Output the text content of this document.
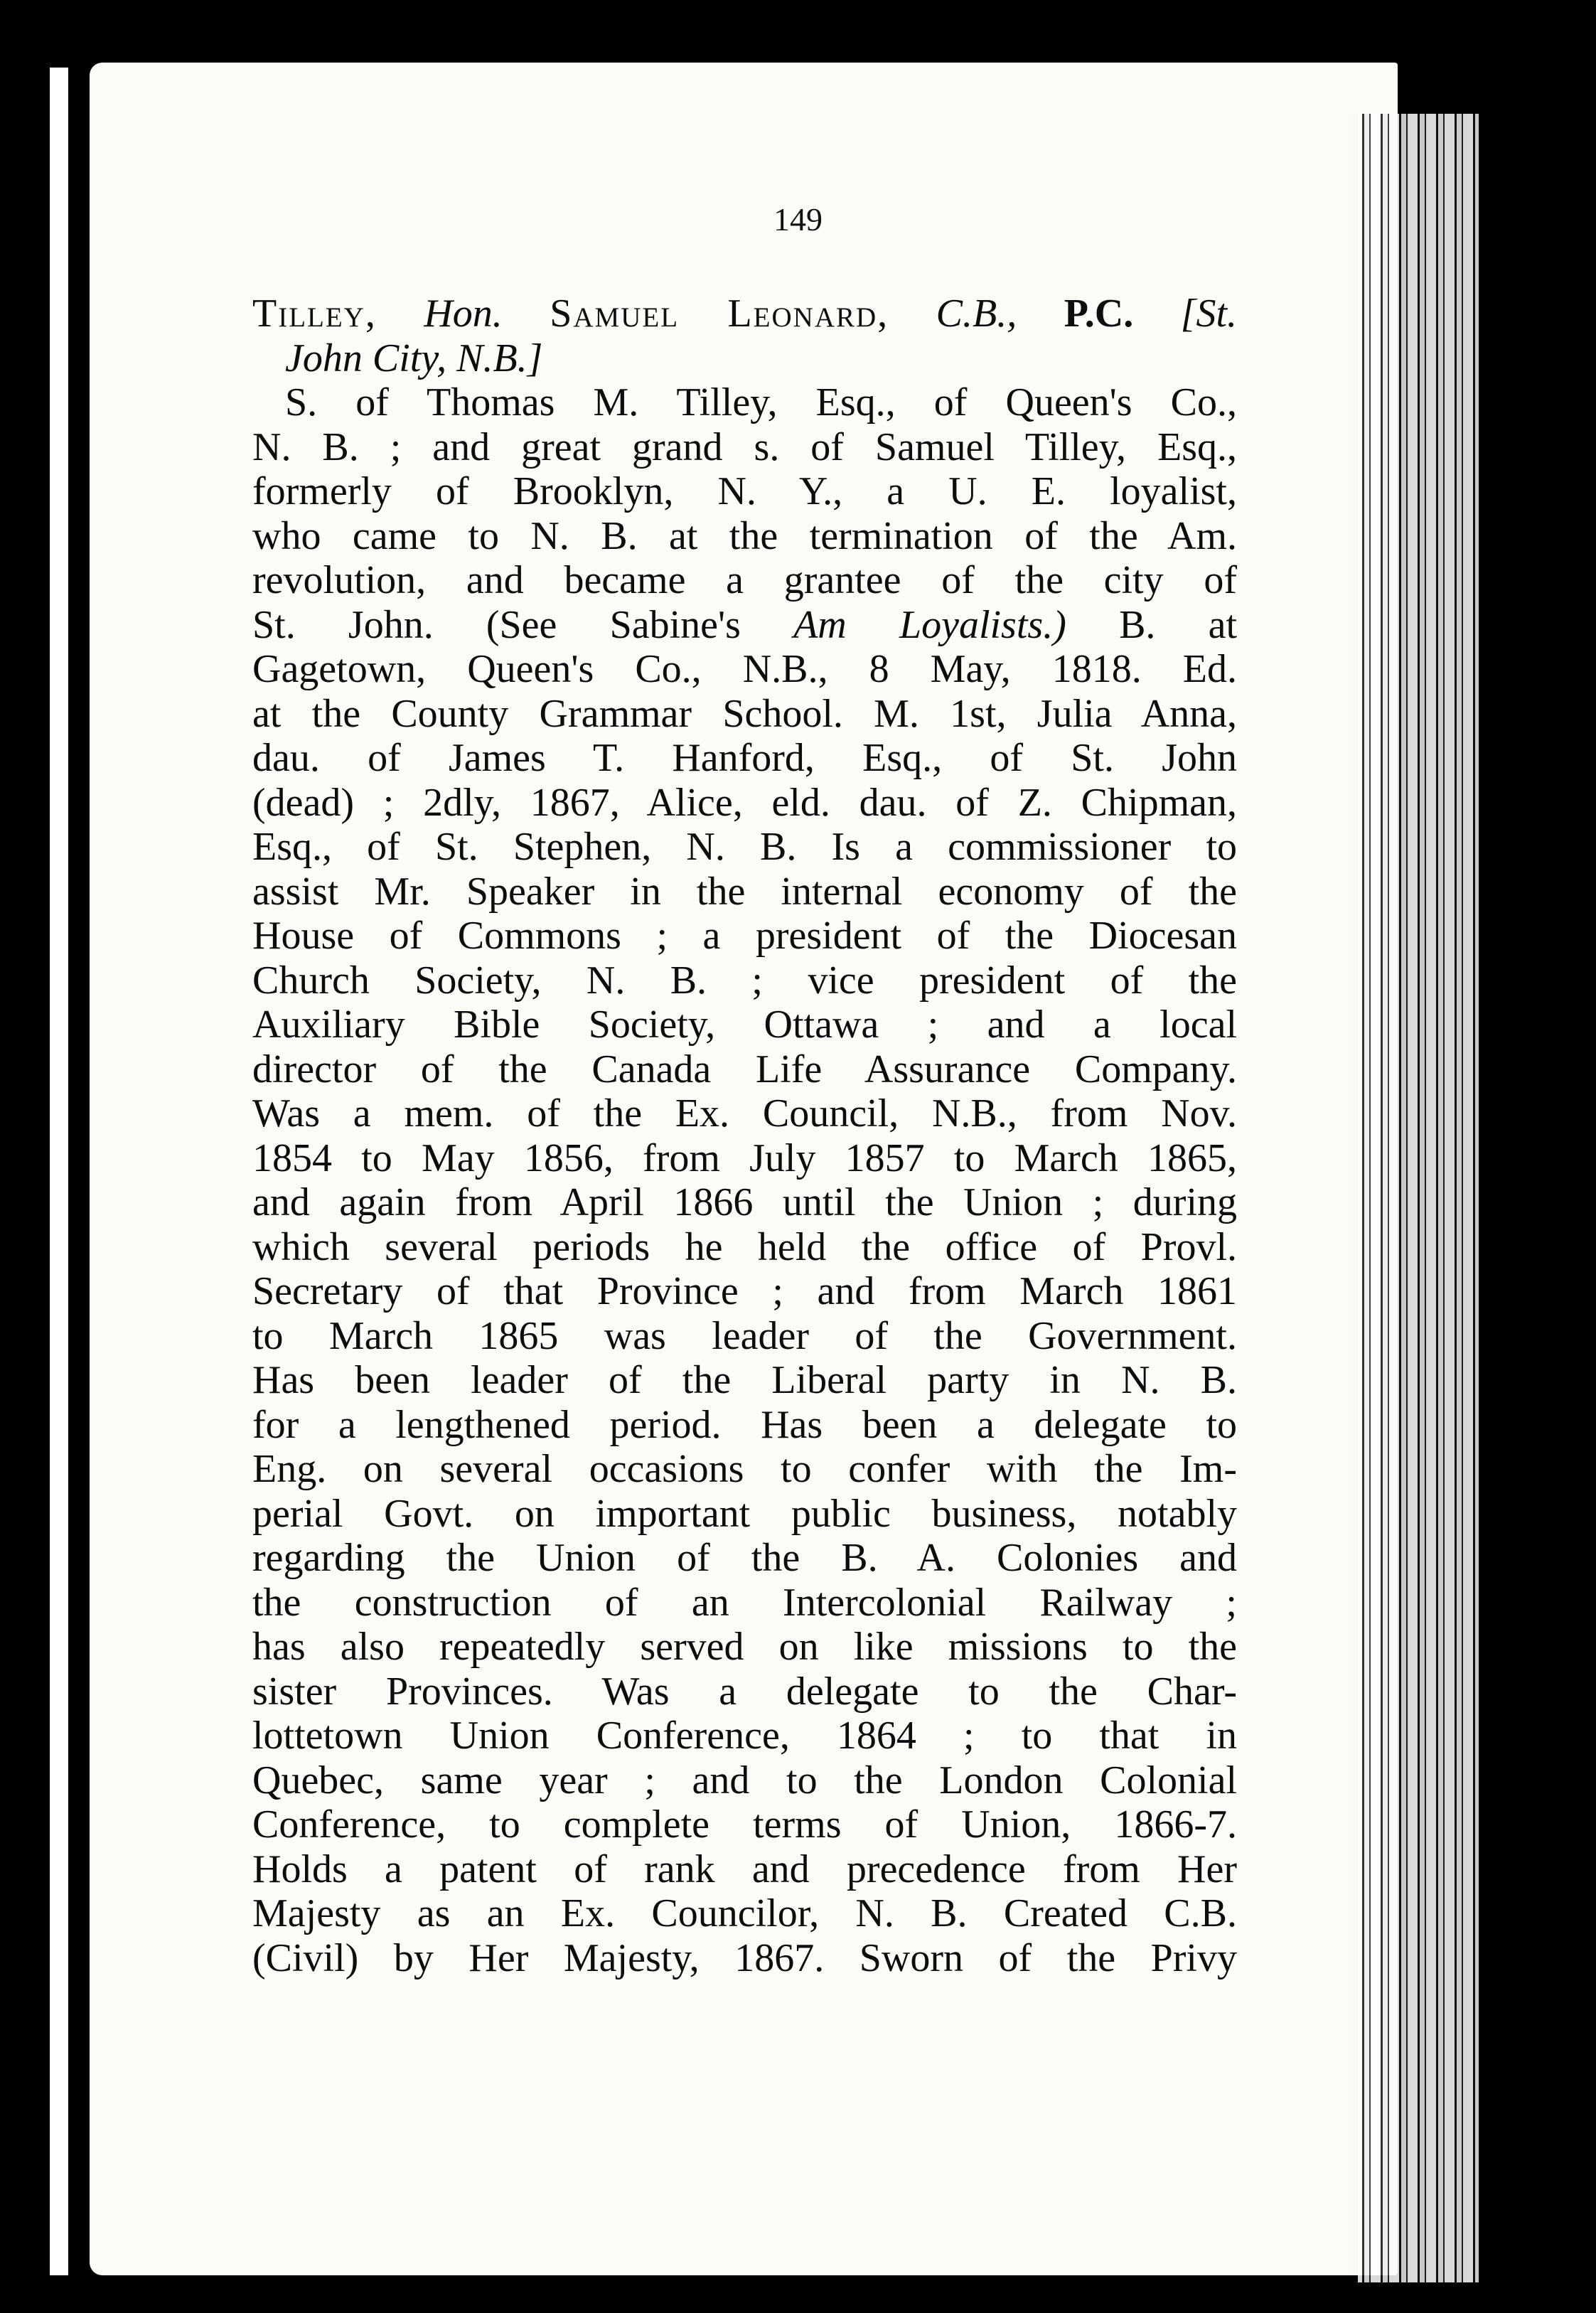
149
Tilley, Hon. Samuel Leonard, C.B., P.C. [St.
John City, N.B.]
S. of Thomas M. Tilley, Esq., of Queen's Co.,
N. B. ; and great grand s. of Samuel Tilley, Esq.,
formerly of Brooklyn, N. Y., a U. E. loyalist,
who came to N. B. at the termination of the Am.
revolution, and became a grantee of the city of
St. John. (See Sabine's Am Loyalists.) B. at
Gagetown, Queen's Co., N.B., 8 May, 1818. Ed.
at the County Grammar School. M. 1st, Julia Anna,
dau. of James T. Hanford, Esq., of St. John
(dead) ; 2dly, 1867, Alice, eld. dau. of Z. Chipman,
Esq., of St. Stephen, N. B. Is a commissioner to
assist Mr. Speaker in the internal economy of the
House of Commons ; a president of the Diocesan
Church Society, N. B. ; vice president of the
Auxiliary Bible Society, Ottawa ; and a local
director of the Canada Life Assurance Company.
Was a mem. of the Ex. Council, N.B., from Nov.
1854 to May 1856, from July 1857 to March 1865,
and again from April 1866 until the Union ; during
which several periods he held the office of Provl.
Secretary of that Province ; and from March 1861
to March 1865 was leader of the Government.
Has been leader of the Liberal party in N. B.
for a lengthened period. Has been a delegate to
Eng. on several occasions to confer with the Im-
perial Govt. on important public business, notably
regarding the Union of the B. A. Colonies and
the construction of an Intercolonial Railway ;
has also repeatedly served on like missions to the
sister Provinces. Was a delegate to the Char-
lottetown Union Conference, 1864 ; to that in
Quebec, same year ; and to the London Colonial
Conference, to complete terms of Union, 1866-7.
Holds a patent of rank and precedence from Her
Majesty as an Ex. Councilor, N. B. Created C.B.
(Civil) by Her Majesty, 1867. Sworn of the Privy
